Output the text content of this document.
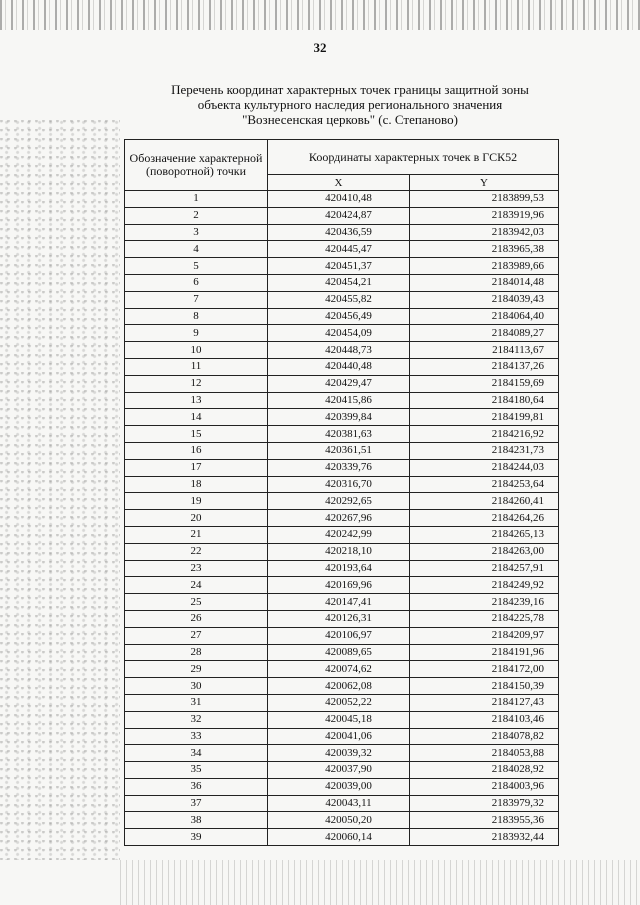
32
Перечень координат характерных точек границы защитной зоны
объекта культурного наследия регионального значения
"Вознесенская церковь" (с. Степаново)
Обозначение характерной (поворотной) точки	Координаты характерных точек в ГСК52	
	X	Y
1	420410,48	2183899,53
2	420424,87	2183919,96
3	420436,59	2183942,03
4	420445,47	2183965,38
5	420451,37	2183989,66
6	420454,21	2184014,48
7	420455,82	2184039,43
8	420456,49	2184064,40
9	420454,09	2184089,27
10	420448,73	2184113,67
11	420440,48	2184137,26
12	420429,47	2184159,69
13	420415,86	2184180,64
14	420399,84	2184199,81
15	420381,63	2184216,92
16	420361,51	2184231,73
17	420339,76	2184244,03
18	420316,70	2184253,64
19	420292,65	2184260,41
20	420267,96	2184264,26
21	420242,99	2184265,13
22	420218,10	2184263,00
23	420193,64	2184257,91
24	420169,96	2184249,92
25	420147,41	2184239,16
26	420126,31	2184225,78
27	420106,97	2184209,97
28	420089,65	2184191,96
29	420074,62	2184172,00
30	420062,08	2184150,39
31	420052,22	2184127,43
32	420045,18	2184103,46
33	420041,06	2184078,82
34	420039,32	2184053,88
35	420037,90	2184028,92
36	420039,00	2184003,96
37	420043,11	2183979,32
38	420050,20	2183955,36
39	420060,14	2183932,44
